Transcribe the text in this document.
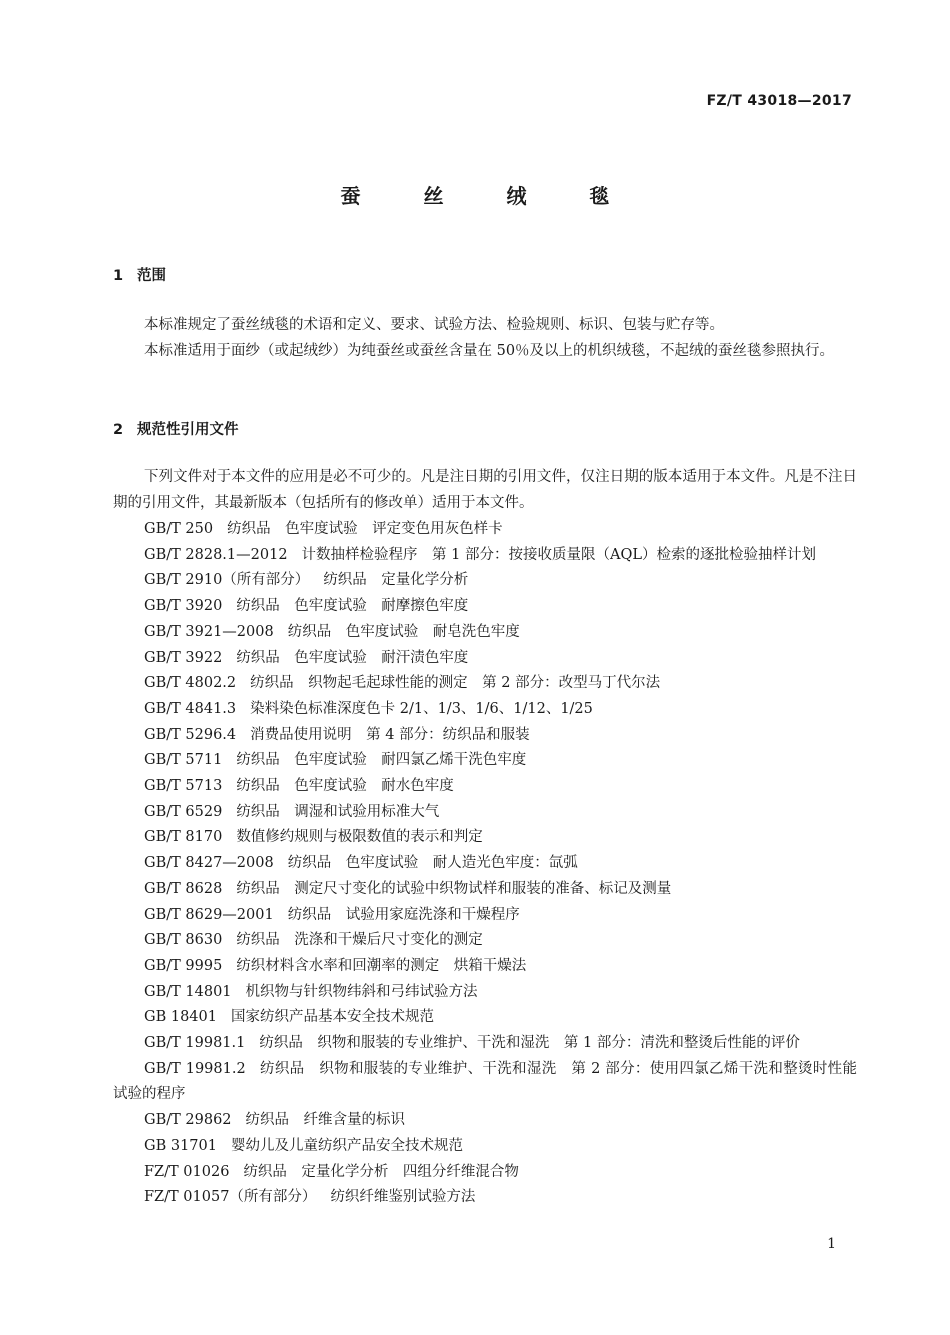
FZ/T 43018—2017
蚕 丝 绒 毯
1 范围
本标准规定了蚕丝绒毯的术语和定义、要求、试验方法、检验规则、标识、包装与贮存等。
本标准适用于面纱（或起绒纱）为纯蚕丝或蚕丝含量在 50％及以上的机织绒毯，不起绒的蚕丝毯参照执行。
2 规范性引用文件
下列文件对于本文件的应用是必不可少的。凡是注日期的引用文件，仅注日期的版本适用于本文件。凡是不注日期的引用文件，其最新版本（包括所有的修改单）适用于本文件。
GB/T 250 纺织品　色牢度试验　评定变色用灰色样卡
GB/T 2828.1—2012 计数抽样检验程序　第 1 部分：按接收质量限（AQL）检索的逐批检验抽样计划
GB/T 2910（所有部分） 纺织品　定量化学分析
GB/T 3920 纺织品　色牢度试验　耐摩擦色牢度
GB/T 3921—2008 纺织品　色牢度试验　耐皂洗色牢度
GB/T 3922 纺织品　色牢度试验　耐汗渍色牢度
GB/T 4802.2 纺织品　织物起毛起球性能的测定　第 2 部分：改型马丁代尔法
GB/T 4841.3 染料染色标准深度色卡 2/1、1/3、1/6、1/12、1/25
GB/T 5296.4 消费品使用说明　第 4 部分：纺织品和服装
GB/T 5711 纺织品　色牢度试验　耐四氯乙烯干洗色牢度
GB/T 5713 纺织品　色牢度试验　耐水色牢度
GB/T 6529 纺织品　调湿和试验用标准大气
GB/T 8170 数值修约规则与极限数值的表示和判定
GB/T 8427—2008 纺织品　色牢度试验　耐人造光色牢度：氙弧
GB/T 8628 纺织品　测定尺寸变化的试验中织物试样和服装的准备、标记及测量
GB/T 8629—2001 纺织品　试验用家庭洗涤和干燥程序
GB/T 8630 纺织品　洗涤和干燥后尺寸变化的测定
GB/T 9995 纺织材料含水率和回潮率的测定　烘箱干燥法
GB/T 14801 机织物与针织物纬斜和弓纬试验方法
GB 18401 国家纺织产品基本安全技术规范
GB/T 19981.1 纺织品　织物和服装的专业维护、干洗和湿洗　第 1 部分：清洗和整烫后性能的评价
GB/T 19981.2 纺织品　织物和服装的专业维护、干洗和湿洗　第 2 部分：使用四氯乙烯干洗和整烫时性能试验的程序
GB/T 29862 纺织品　纤维含量的标识
GB 31701 婴幼儿及儿童纺织产品安全技术规范
FZ/T 01026 纺织品　定量化学分析　四组分纤维混合物
FZ/T 01057（所有部分） 纺织纤维鉴别试验方法
1
